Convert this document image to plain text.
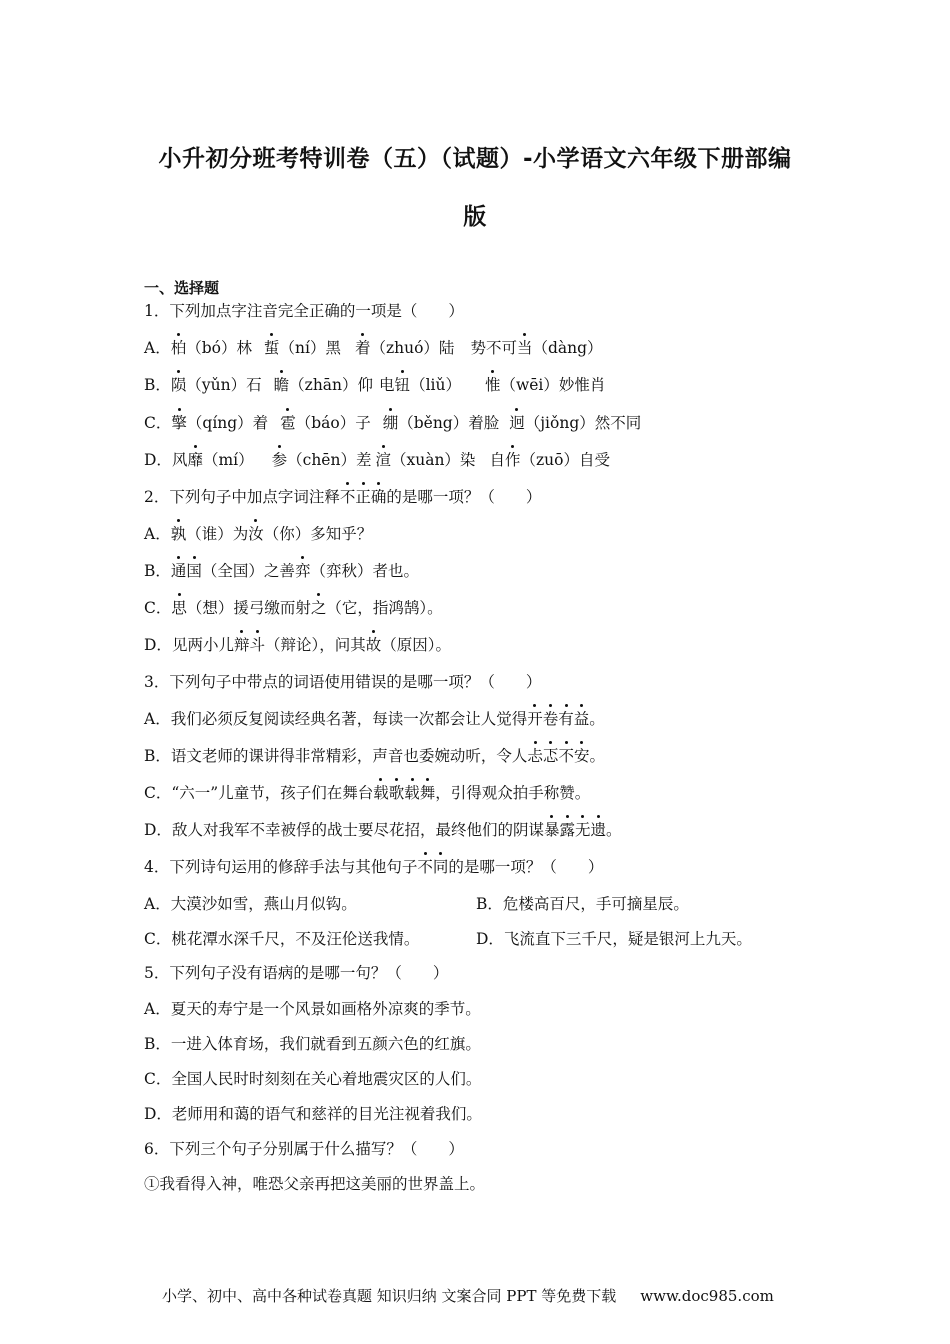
小升初分班考特训卷（五）（试题）-小学语文六年级下册部编
版
一、选择题
1．下列加点字注音完全正确的一项是（　　）
A．柏（bó）林 蜇（ní）黑 着（zhuó）陆 势不可当（dàng）
B．陨（yǔn）石 瞻（zhān）仰 电钮（liǔ） 惟（wēi）妙惟肖
C．擎（qíng）着 雹（báo）子 绷（běng）着脸 迥（jiǒng）然不同
D．风靡（mí） 参（chēn）差 渲（xuàn）染 自作（zuō）自受
2．下列句子中加点字词注释不正确的是哪一项？（　　）
A．孰（谁）为汝（你）多知乎？
B．通国（全国）之善弈（弈秋）者也。
C．思（想）援弓缴而射之（它，指鸿鹄）。
D．见两小儿辩斗（辩论），问其故（原因）。
3．下列句子中带点的词语使用错误的是哪一项？（　　）
A．我们必须反复阅读经典名著，每读一次都会让人觉得开卷有益。
B．语文老师的课讲得非常精彩，声音也委婉动听，令人忐忑不安。
C．“六一”儿童节，孩子们在舞台载歌载舞，引得观众拍手称赞。
D．敌人对我军不幸被俘的战士要尽花招，最终他们的阴谋暴露无遗。
4．下列诗句运用的修辞手法与其他句子不同的是哪一项？（　　）
A．大漠沙如雪，燕山月似钩。	B．危楼高百尺，手可摘星辰。
C．桃花潭水深千尺，不及汪伦送我情。	D．飞流直下三千尺，疑是银河上九天。
5．下列句子没有语病的是哪一句？（　　）
A．夏天的寿宁是一个风景如画格外凉爽的季节。
B．一进入体育场，我们就看到五颜六色的红旗。
C．全国人民时时刻刻在关心着地震灾区的人们。
D．老师用和蔼的语气和慈祥的目光注视着我们。
6．下列三个句子分别属于什么描写？（　　）
①我看得入神，唯恐父亲再把这美丽的世界盖上。
小学、初中、高中各种试卷真题 知识归纳 文案合同 PPT 等免费下载 www.doc985.com
